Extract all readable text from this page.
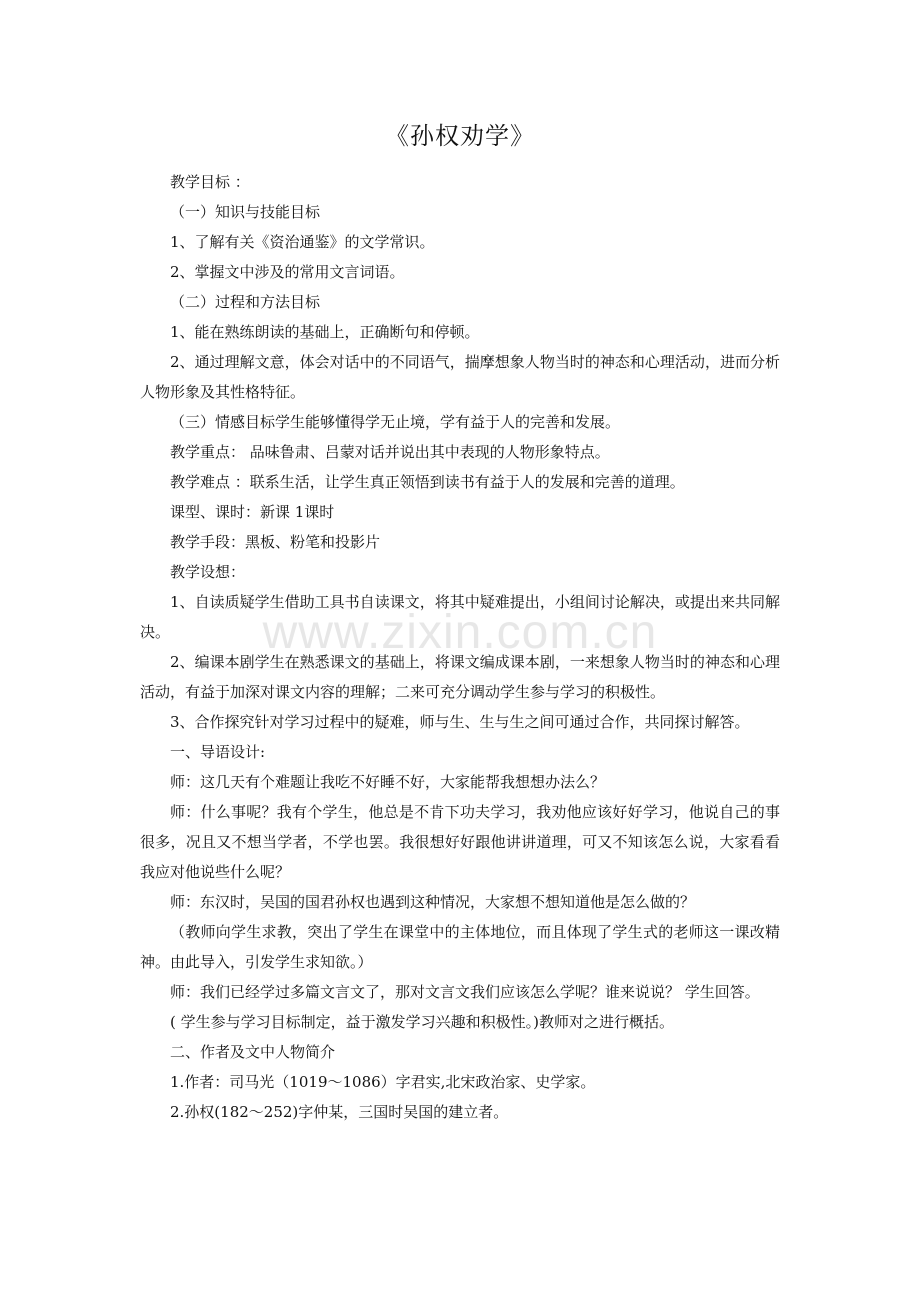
《孙权劝学》

教学目标 ：

（一）知识与技能目标

1、了解有关《资治通鉴》的文学常识。

2、掌握文中涉及的常用文言词语。

（二）过程和方法目标

1、能在熟练朗读的基础上，正确断句和停顿。

2、通过理解文意，体会对话中的不同语气，揣摩想象人物当时的神态和心理活动，进而分析人物形象及其性格特征。

（三）情感目标学生能够懂得学无止境，学有益于人的完善和发展。

教学重点： 品味鲁肃、吕蒙对话并说出其中表现的人物形象特点。

教学难点 ：联系生活，让学生真正领悟到读书有益于人的发展和完善的道理。

课型、课时：新课 1课时

教学手段：黑板、粉笔和投影片

教学设想：

1、自读质疑学生借助工具书自读课文，将其中疑难提出，小组间讨论解决，或提出来共同解决。

2、编课本剧学生在熟悉课文的基础上，将课文编成课本剧，一来想象人物当时的神态和心理活动，有益于加深对课文内容的理解；二来可充分调动学生参与学习的积极性。

3、合作探究针对学习过程中的疑难，师与生、生与生之间可通过合作，共同探讨解答。

一、导语设计:

师：这几天有个难题让我吃不好睡不好，大家能帮我想想办法么？

师：什么事呢？我有个学生，他总是不肯下功夫学习，我劝他应该好好学习，他说自己的事很多，况且又不想当学者，不学也罢。我很想好好跟他讲讲道理，可又不知该怎么说，大家看看我应对他说些什么呢？

师：东汉时，吴国的国君孙权也遇到这种情况，大家想不想知道他是怎么做的？

（教师向学生求教，突出了学生在课堂中的主体地位，而且体现了学生式的老师这一课改精神。由此导入，引发学生求知欲。）

师：我们已经学过多篇文言文了，那对文言文我们应该怎么学呢？谁来说说？ 学生回答。

( 学生参与学习目标制定，益于激发学习兴趣和积极性。)教师对之进行概括。

二、作者及文中人物简介

1.作者：司马光（1019～1086）字君实,北宋政治家、史学家。

2.孙权(182～252)字仲某，三国时吴国的建立者。

www.zixin.com.cn
